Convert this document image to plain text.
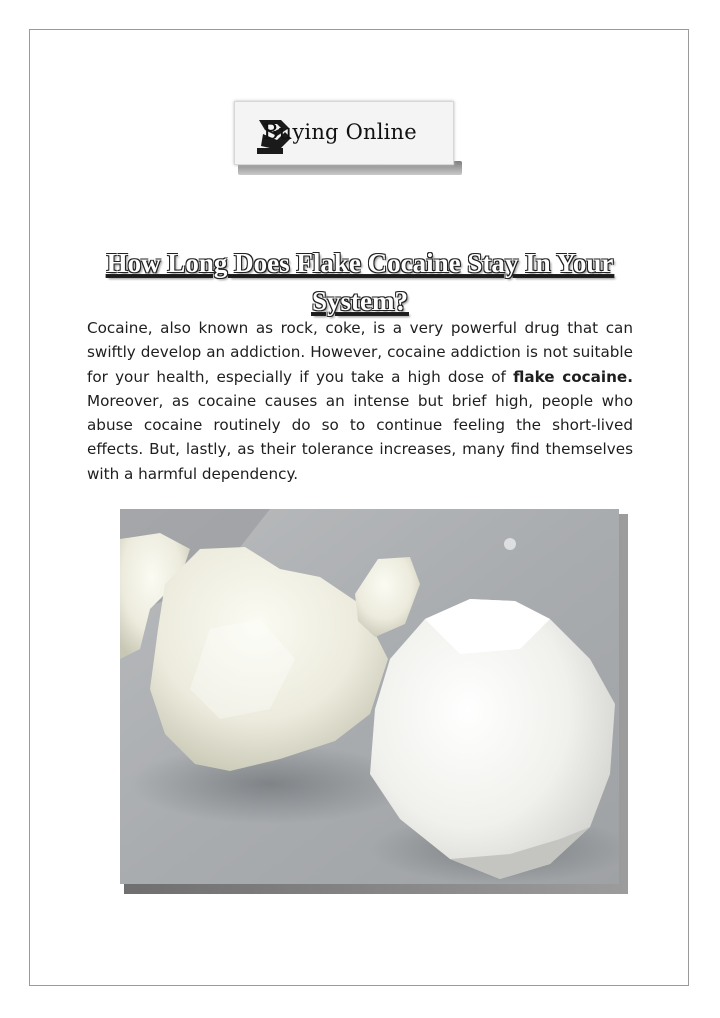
Buying Online
How Long Does Flake Cocaine Stay In Your System?

Cocaine, also known as rock, coke, is a very powerful drug that can swiftly develop an addiction. However, cocaine addiction is not suitable for your health, especially if you take a high dose of flake cocaine. Moreover, as cocaine causes an intense but brief high, people who abuse cocaine routinely do so to continue feeling the short-lived effects. But, lastly, as their tolerance increases, many find themselves with a harmful dependency.
